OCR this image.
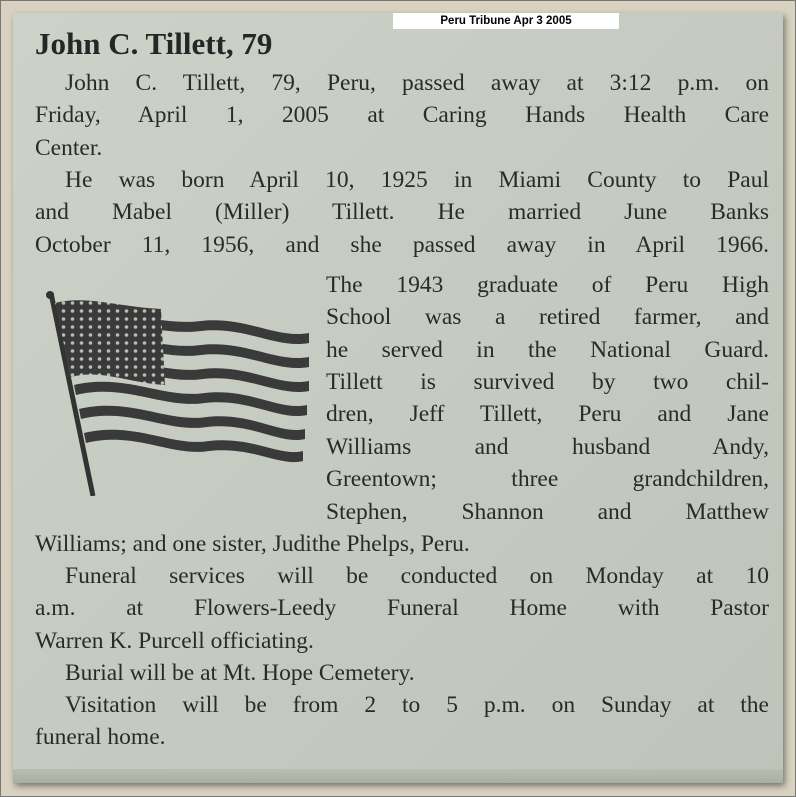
John C. Tillett, 79
John C. Tillett, 79, Peru, passed away at 3:12 p.m. on
Friday, April 1, 2005 at Caring Hands Health Care
Center.
He was born April 10, 1925 in Miami County to Paul
and Mabel (Miller) Tillett. He married June Banks
October 11, 1956, and she passed away in April 1966.
The 1943 graduate of Peru High
School was a retired farmer, and
he served in the National Guard.
Tillett is survived by two chil-
dren, Jeff Tillett, Peru and Jane
Williams and husband Andy,
Greentown; three grandchildren,
Stephen, Shannon and Matthew
Williams; and one sister, Judithe Phelps, Peru.
Funeral services will be conducted on Monday at 10
a.m. at Flowers-Leedy Funeral Home with Pastor
Warren K. Purcell officiating.
Burial will be at Mt. Hope Cemetery.
Visitation will be from 2 to 5 p.m. on Sunday at the
funeral home.
Peru Tribune Apr 3 2005
